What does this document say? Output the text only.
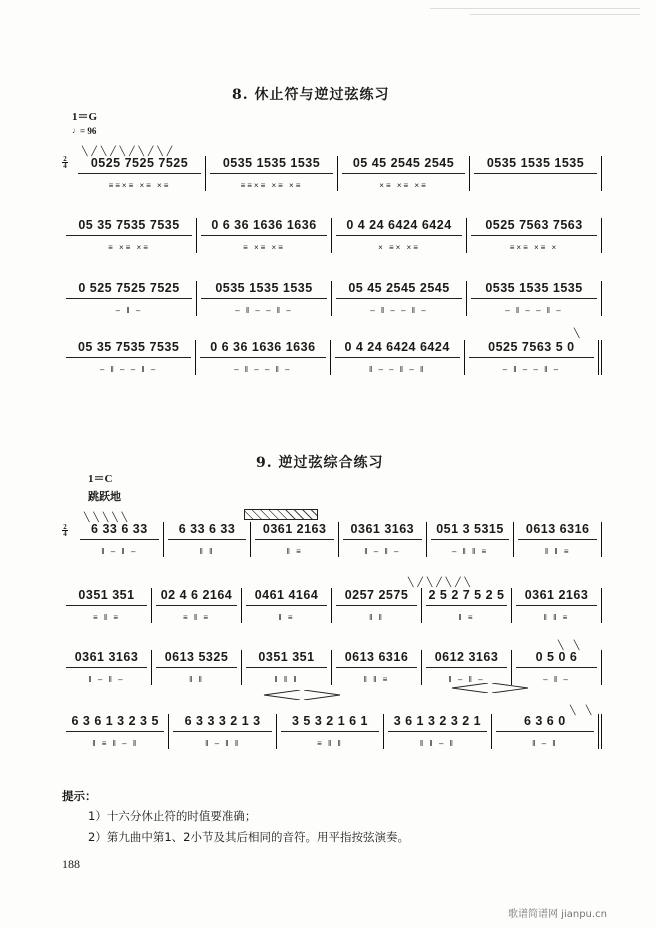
8. 休止符与逆过弦练习
1＝G
♩= 96
2
4
╲╱╲╱╲╱╲╱╲╱
0525 7525 7525
≡≡×≡ ×≡ ×≡
0535 1535 1535
≡≡×≡ ×≡ ×≡
05 45 2545 2545
×≡ ×≡ ×≡
0535 1535 1535
05 35 7535 7535
≡ ×≡ ×≡
0 6 36 1636 1636
≡ ×≡ ×≡
0 4 24 6424 6424
× ≡× ×≡
0525 7563 7563
≡×≡ ×≡ ×
0 525 7525 7525
– ‖ –
0535 1535 1535
– ‖ – – ‖ –
05 45 2545 2545
– ‖ – – ‖ –
0535 1535 1535
– ‖ – – ‖ –
╲
05 35 7535 7535
– ‖ – – ‖ –
0 6 36 1636 1636
– ‖ – – ‖ –
0 4 24 6424 6424
‖ – – ‖ – ‖
0525 7563 5 0
– ‖ – – ‖ –
9. 逆过弦综合练习
1＝C
跳跃地
2
4
╲╲╲╲╲
6 33 6 33
‖ – ‖ –
6 33 6 33
‖ ‖
0361 2163
‖ ≡
0361 3163
‖ – ‖ –
051 3 5315
– ‖ ‖ ≡
0613 6316
‖ ‖ ≡
╲╱╲╱╲╱╲
0351 351
≡ ‖ ≡
02 4 6 2164
≡ ‖ ≡
0461 4164
‖ ≡
0257 2575
‖ ‖
2 5 2 7 5 2 5
‖ ≡
0361 2163
‖ ‖ ≡
╲ ╲
0361 3163
‖ – ‖ –
0613 5325
‖ ‖
0351 351
‖ ‖ ‖
0613 6316
‖ ‖ ≡
0612 3163
‖ – ‖ –
0 5 0 6
– ‖ –
╲ ╲
6 3 6 1 3 2 3 5
‖ ≡ ‖ – ‖
6 3 3 3 2 1 3
‖ – ‖ ‖
3 5 3 2 1 6 1
≡ ‖ ‖
3 6 1 3 2 3 2 1
‖ ‖ – ‖
6 3 6 0
‖ – ‖
提示：
1）十六分休止符的时值要准确；
2）第九曲中第1、2小节及其后相同的音符。用平指按弦演奏。
188
歌谱简谱网 jianpu.cn
